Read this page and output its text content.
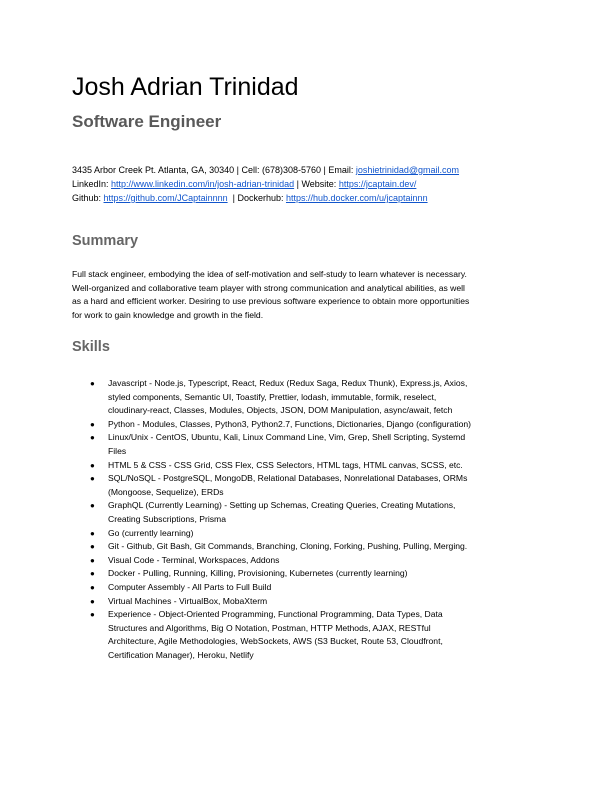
Josh Adrian Trinidad
Software Engineer
3435 Arbor Creek Pt. Atlanta, GA, 30340 | Cell: (678)308-5760 | Email: joshietrinidad@gmail.com
LinkedIn: http://www.linkedin.com/in/josh-adrian-trinidad | Website: https://jcaptain.dev/
Github: https://github.com/JCaptainnnn  | Dockerhub: https://hub.docker.com/u/jcaptainnn
Summary
Full stack engineer, embodying the idea of self-motivation and self-study to learn whatever is necessary.
Well-organized and collaborative team player with strong communication and analytical abilities, as well
as a hard and efficient worker. Desiring to use previous software experience to obtain more opportunities
for work to gain knowledge and growth in the field.
Skills
● Javascript - Node.js, Typescript, React, Redux (Redux Saga, Redux Thunk), Express.js, Axios,
styled components, Semantic UI, Toastify, Prettier, lodash, immutable, formik, reselect,
cloudinary-react, Classes, Modules, Objects, JSON, DOM Manipulation, async/await, fetch
● Python - Modules, Classes, Python3, Python2.7, Functions, Dictionaries, Django (configuration)
● Linux/Unix - CentOS, Ubuntu, Kali, Linux Command Line, Vim, Grep, Shell Scripting, Systemd
Files
● HTML 5 & CSS - CSS Grid, CSS Flex, CSS Selectors, HTML tags, HTML canvas, SCSS, etc.
● SQL/NoSQL - PostgreSQL, MongoDB, Relational Databases, Nonrelational Databases, ORMs
(Mongoose, Sequelize), ERDs
● GraphQL (Currently Learning) - Setting up Schemas, Creating Queries, Creating Mutations,
Creating Subscriptions, Prisma
● Go (currently learning)
● Git - Github, Git Bash, Git Commands, Branching, Cloning, Forking, Pushing, Pulling, Merging.
● Visual Code - Terminal, Workspaces, Addons
● Docker - Pulling, Running, Killing, Provisioning, Kubernetes (currently learning)
● Computer Assembly - All Parts to Full Build
● Virtual Machines - VirtualBox, MobaXterm
● Experience - Object-Oriented Programming, Functional Programming, Data Types, Data
Structures and Algorithms, Big O Notation, Postman, HTTP Methods, AJAX, RESTful
Architecture, Agile Methodologies, WebSockets, AWS (S3 Bucket, Route 53, Cloudfront,
Certification Manager), Heroku, Netlify
